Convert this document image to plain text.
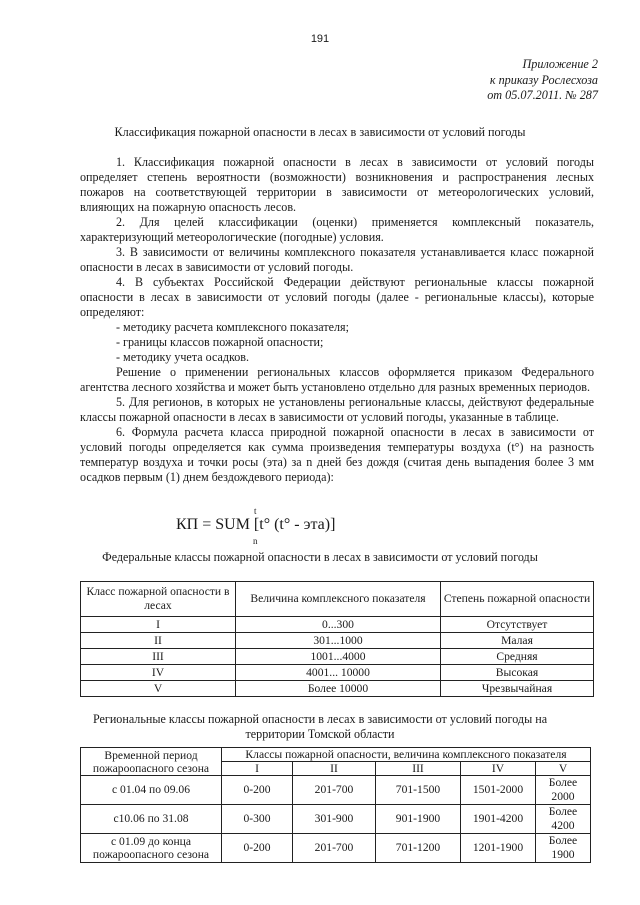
191
Приложение 2
к приказу Рослесхоза
от 05.07.2011. № 287
Классификация пожарной опасности в лесах в зависимости от условий погоды

1. Классификация пожарной опасности в лесах в зависимости от условий погоды определяет степень вероятности (возможности) возникновения и распространения лесных пожаров на соответствующей территории в зависимости от метеорологических условий, влияющих на пожарную опасность лесов.

2. Для целей классификации (оценки) применяется комплексный показатель, характеризующий метеорологические (погодные) условия.

3. В зависимости от величины комплексного показателя устанавливается класс пожарной опасности в лесах в зависимости от условий погоды.

4. В субъектах Российской Федерации действуют региональные классы пожарной опасности в лесах в зависимости от условий погоды (далее - региональные классы), которые определяют:

- методику расчета комплексного показателя;

- границы классов пожарной опасности;

- методику учета осадков.

Решение о применении региональных классов оформляется приказом Федерального агентства лесного хозяйства и может быть установлено отдельно для разных временных периодов.

5. Для регионов, в которых не установлены региональные классы, действуют федеральные классы пожарной опасности в лесах в зависимости от условий погоды, указанные в таблице.

6. Формула расчета класса природной пожарной опасности в лесах в зависимости от условий погоды определяется как сумма произведения температуры воздуха (t°) на разность температур воздуха и точки росы (эта) за n дней без дождя (считая день выпадения более 3 мм осадков первым (1) днем бездождевого периода):

t
КП = SUM [t° (t° - эта)]
n
Федеральные классы пожарной опасности в лесах в зависимости от условий погоды
Класс пожарной опасности в лесах	Величина комплексного показателя	Степень пожарной опасности
I	0...300	Отсутствует
II	301...1000	Малая
III	1001...4000	Средняя
IV	4001... 10000	Высокая
V	Более 10000	Чрезвычайная
Региональные классы пожарной опасности в лесах в зависимости от условий погоды на
территории Томской области
Временной период пожароопасного сезона	Классы пожарной опасности, величина комплексного показателя				
	I	II	III	IV	V
с 01.04 по 09.06	0-200	201-700	701-1500	1501-2000	Более 2000
с10.06 по 31.08	0-300	301-900	901-1900	1901-4200	Более 4200
с 01.09 до конца пожароопасного сезона	0-200	201-700	701-1200	1201-1900	Более 1900
